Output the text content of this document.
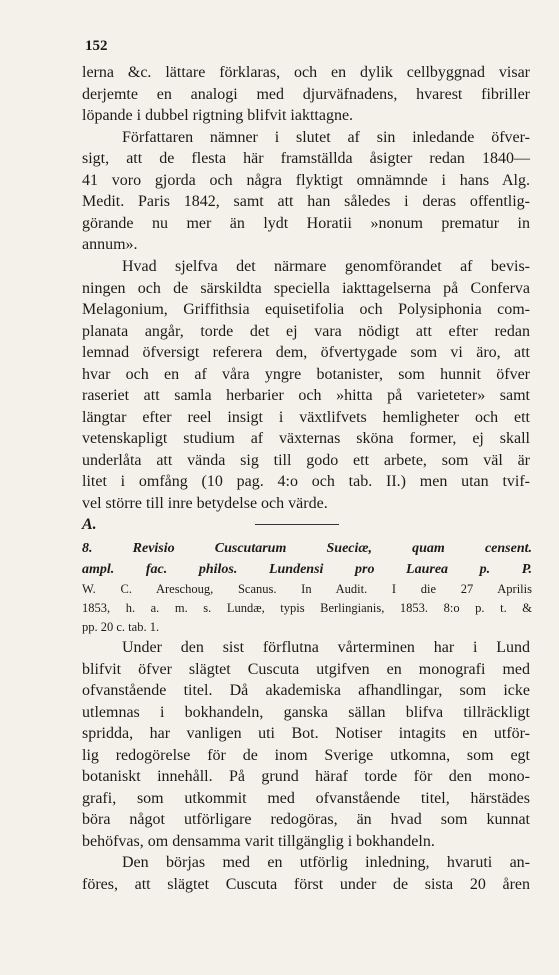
152
lerna &c. lättare förklaras, och en dylik cellbyggnad visar
derjemte en analogi med djurväfnadens, hvarest fibriller
löpande i dubbel rigtning blifvit iakttagne.
Författaren nämner i slutet af sin inledande öfver-
sigt, att de flesta här framställda åsigter redan 1840—
41 voro gjorda och några flyktigt omnämnde i hans Alg.
Medit. Paris 1842, samt att han således i deras offentlig-
görande nu mer än lydt Horatii »nonum prematur in
annum».
Hvad sjelfva det närmare genomförandet af bevis-
ningen och de särskildta speciella iakttagelserna på Conferva
Melagonium, Griffithsia equisetifolia och Polysiphonia com-
planata angår, torde det ej vara nödigt att efter redan
lemnad öfversigt referera dem, öfvertygade som vi äro, att
hvar och en af våra yngre botanister, som hunnit öfver
raseriet att samla herbarier och »hitta på varieteter» samt
längtar efter reel insigt i växtlifvets hemligheter och ett
vetenskapligt studium af växternas sköna former, ej skall
underlåta att vända sig till godo ett arbete, som väl är
litet i omfång (10 pag. 4:o och tab. II.) men utan tvif-
vel större till inre betydelse och värde.
A.
8. Revisio Cuscutarum Sueciæ, quam censent.
ampl. fac. philos. Lundensi pro Laurea p. P.
W. C. Areschoug, Scanus. In Audit. I die 27 Aprilis
1853, h. a. m. s. Lundæ, typis Berlingianis, 1853. 8:o p. t. &
pp. 20 c. tab. 1.
Under den sist förflutna vårterminen har i Lund
blifvit öfver slägtet Cuscuta utgifven en monografi med
ofvanstående titel. Då akademiska afhandlingar, som icke
utlemnas i bokhandeln, ganska sällan blifva tillräckligt
spridda, har vanligen uti Bot. Notiser intagits en utför-
lig redogörelse för de inom Sverige utkomna, som egt
botaniskt innehåll. På grund häraf torde för den mono-
grafi, som utkommit med ofvanstående titel, härstädes
böra något utförligare redogöras, än hvad som kunnat
behöfvas, om densamma varit tillgänglig i bokhandeln.
Den börjas med en utförlig inledning, hvaruti an-
föres, att slägtet Cuscuta först under de sista 20 åren
